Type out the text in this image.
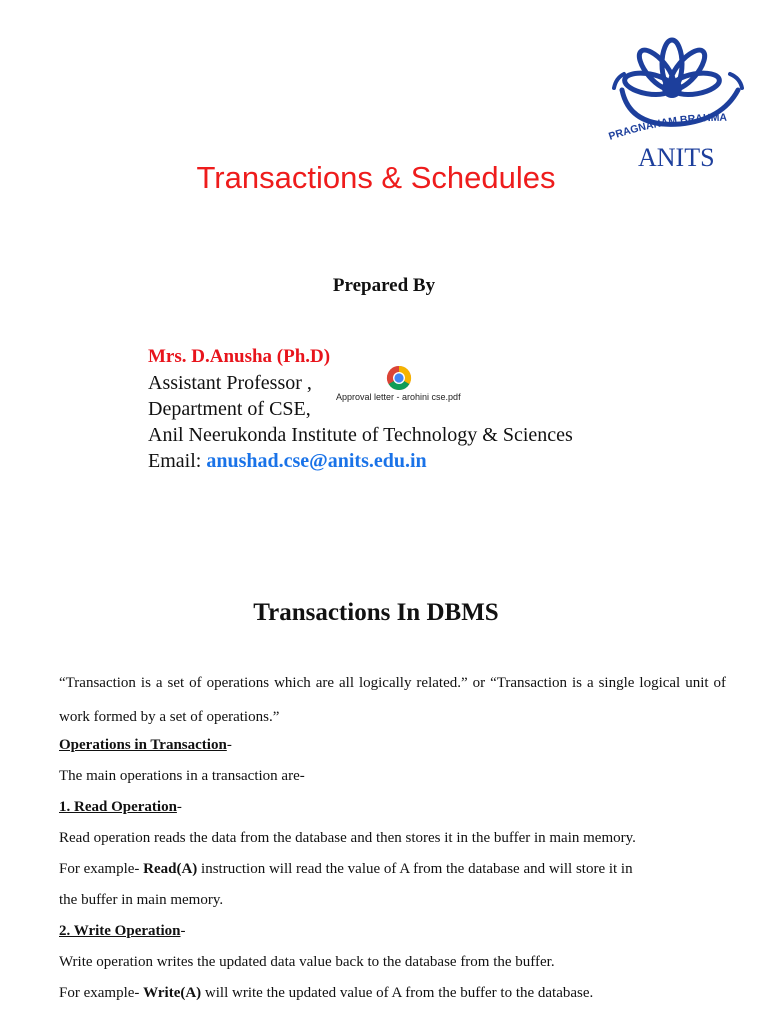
PRAGNANAM BRAHMA
ANITS
Transactions & Schedules
Prepared By
Mrs. D.Anusha (Ph.D)
Assistant Professor ,
Department of CSE,
Anil Neerukonda Institute of Technology & Sciences
Email: anushad.cse@anits.edu.in
Approval letter - arohini cse.pdf
Transactions In DBMS

“Transaction is a set of operations which are all logically related.” or “Transaction is a single logical unit of work formed by a set of operations.”

Operations in Transaction-
The main operations in a transaction are-
1. Read Operation-
Read operation reads the data from the database and then stores it in the buffer in main memory.
For example- Read(A) instruction will read the value of A from the database and will store it in
the buffer in main memory.
2. Write Operation-
Write operation writes the updated data value back to the database from the buffer.
For example- Write(A) will write the updated value of A from the buffer to the database.
